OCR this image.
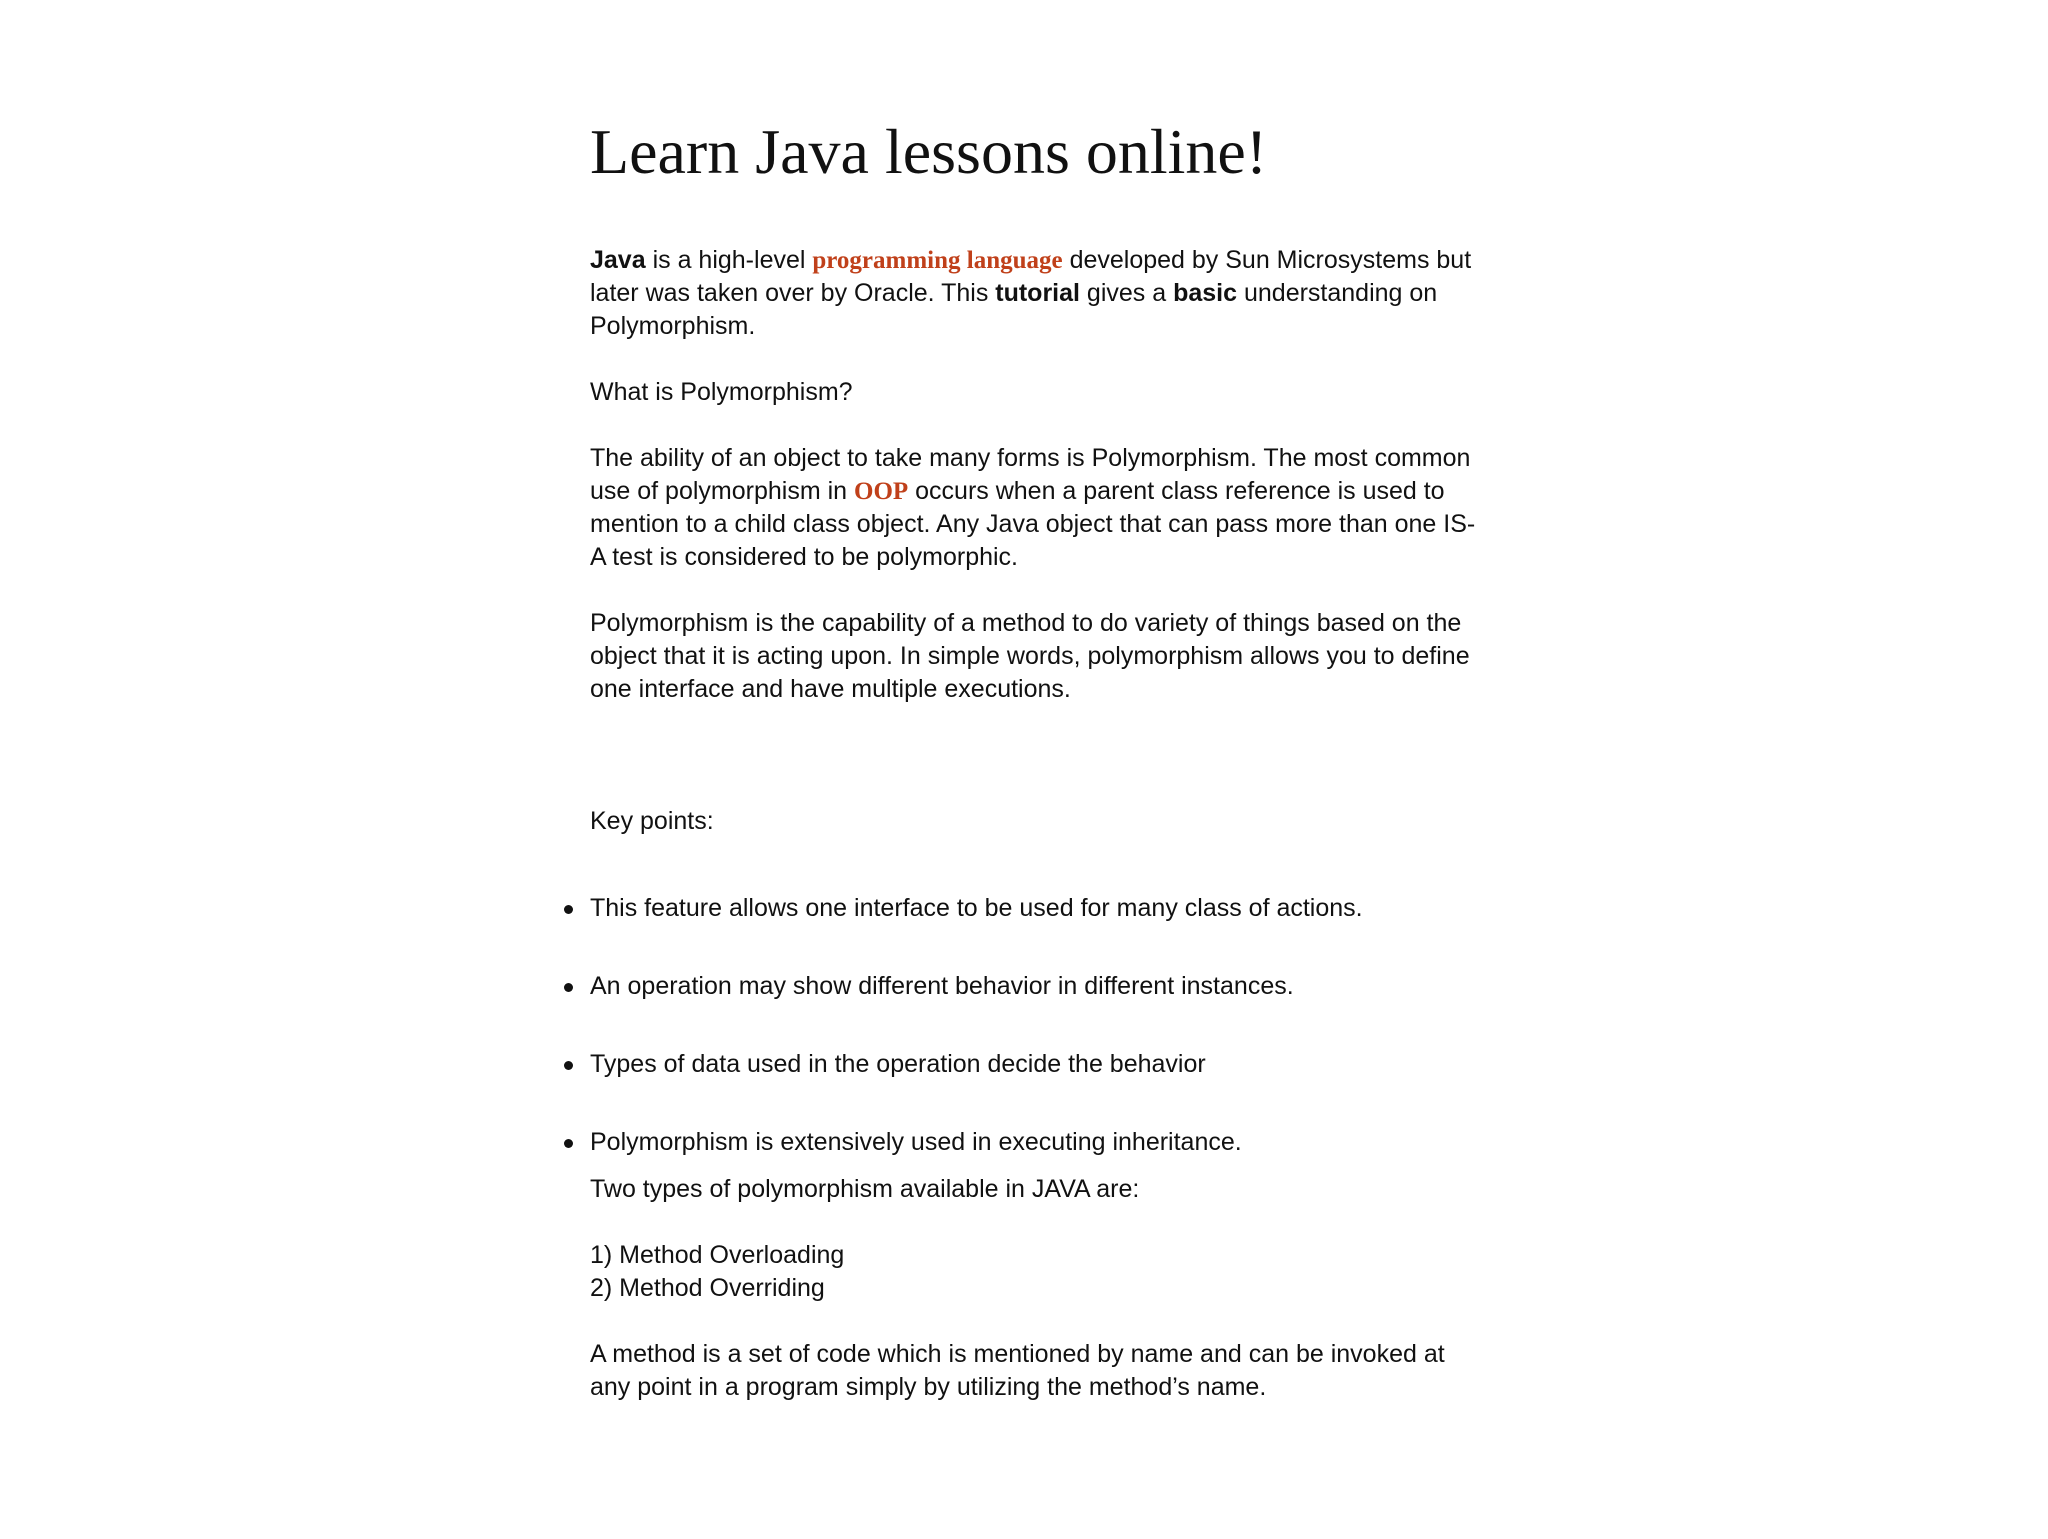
Learn Java lessons online!

Java is a high-level programming language developed by Sun Microsystems but later was taken over by Oracle. This tutorial gives a basic understanding on Polymorphism.

What is Polymorphism?

The ability of an object to take many forms is Polymorphism. The most common use of polymorphism in OOP occurs when a parent class reference is used to mention to a child class object. Any Java object that can pass more than one IS-A test is considered to be polymorphic.

Polymorphism is the capability of a method to do variety of things based on the object that it is acting upon. In simple words, polymorphism allows you to define one interface and have multiple executions.

Key points:

This feature allows one interface to be used for many class of actions.
An operation may show different behavior in different instances.
Types of data used in the operation decide the behavior
Polymorphism is extensively used in executing inheritance.

Two types of polymorphism available in JAVA are:

1) Method Overloading

2) Method Overriding

A method is a set of code which is mentioned by name and can be invoked at any point in a program simply by utilizing the method’s name.
